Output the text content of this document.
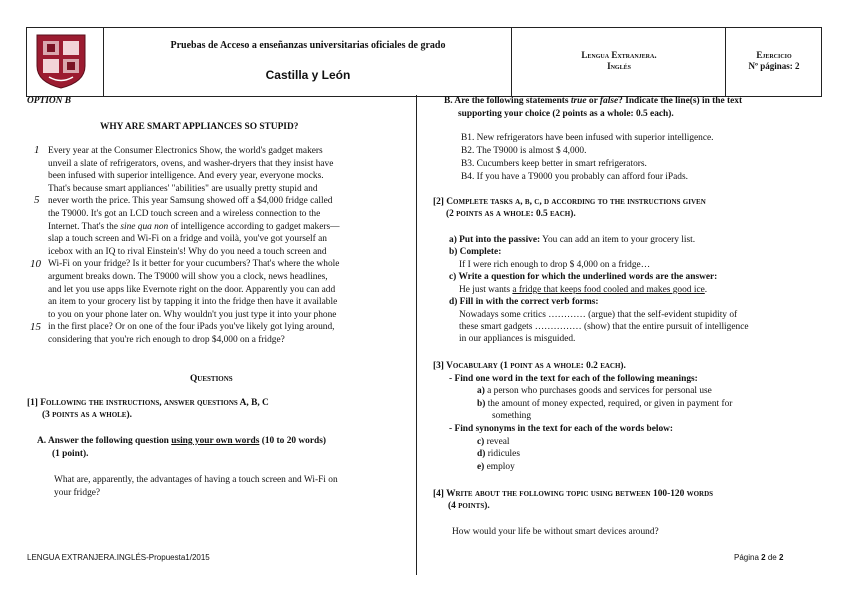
Pruebas de Acceso a enseñanzas universitarias oficiales de grado
Castilla y León
Lengua Extranjera.
Inglés
Ejercicio
Nº páginas: 2
OPTION B
WHY ARE SMART APPLIANCES SO STUPID?
1
5
10
15
Every year at the Consumer Electronics Show, the world's gadget makers
unveil a slate of refrigerators, ovens, and washer-dryers that they insist have
been infused with superior intelligence. And every year, everyone mocks.
That's because smart appliances' "abilities" are usually pretty stupid and
never worth the price. This year Samsung showed off a $4,000 fridge called
the T9000. It's got an LCD touch screen and a wireless connection to the
Internet. That's the sine qua non of intelligence according to gadget makers—
slap a touch screen and Wi-Fi on a fridge and voilà, you've got yourself an
icebox with an IQ to rival Einstein's! Why do you need a touch screen and
Wi-Fi on your fridge? Is it better for your cucumbers? That's where the whole
argument breaks down. The T9000 will show you a clock, news headlines,
and let you use apps like Evernote right on the door. Apparently you can add
an item to your grocery list by tapping it into the fridge then have it available
to you on your phone later on. Why wouldn't you just type it into your phone
in the first place? Or on one of the four iPads you've likely got lying around,
considering that you're rich enough to drop $4,000 on a fridge?
Questions
[1] Following the instructions, answer questions A, B, C
(3 points as a whole).
A. Answer the following question using your own words (10 to 20 words)
(1 point).
What are, apparently, the advantages of having a touch screen and Wi-Fi on
your fridge?
B. Are the following statements true or false? Indicate the line(s) in the text
supporting your choice (2 points as a whole: 0.5 each).
B1. New refrigerators have been infused with superior intelligence.
B2. The T9000 is almost $ 4,000.
B3. Cucumbers keep better in smart refrigerators.
B4. If you have a T9000 you probably can afford four iPads.
[2] Complete tasks a, b, c, d according to the instructions given
(2 points as a whole: 0.5 each).
a) Put into the passive: You can add an item to your grocery list.
b) Complete:
If I were rich enough to drop $ 4,000 on a fridge…
c) Write a question for which the underlined words are the answer:
He just wants a fridge that keeps food cooled and makes good ice.
d) Fill in with the correct verb forms:
Nowadays some critics ………… (argue) that the self-evident stupidity of
these smart gadgets …………… (show) that the entire pursuit of intelligence
in our appliances is misguided.
[3] Vocabulary (1 point as a whole: 0.2 each).
- Find one word in the text for each of the following meanings:
a) a person who purchases goods and services for personal use
b) the amount of money expected, required, or given in payment for
something
- Find synonyms in the text for each of the words below:
c) reveal
d) ridicules
e) employ
[4] Write about the following topic using between 100-120 words
(4 points).
How would your life be without smart devices around?
LENGUA EXTRANJERA.INGLÉS-Propuesta1/2015	Página 2 de 2
